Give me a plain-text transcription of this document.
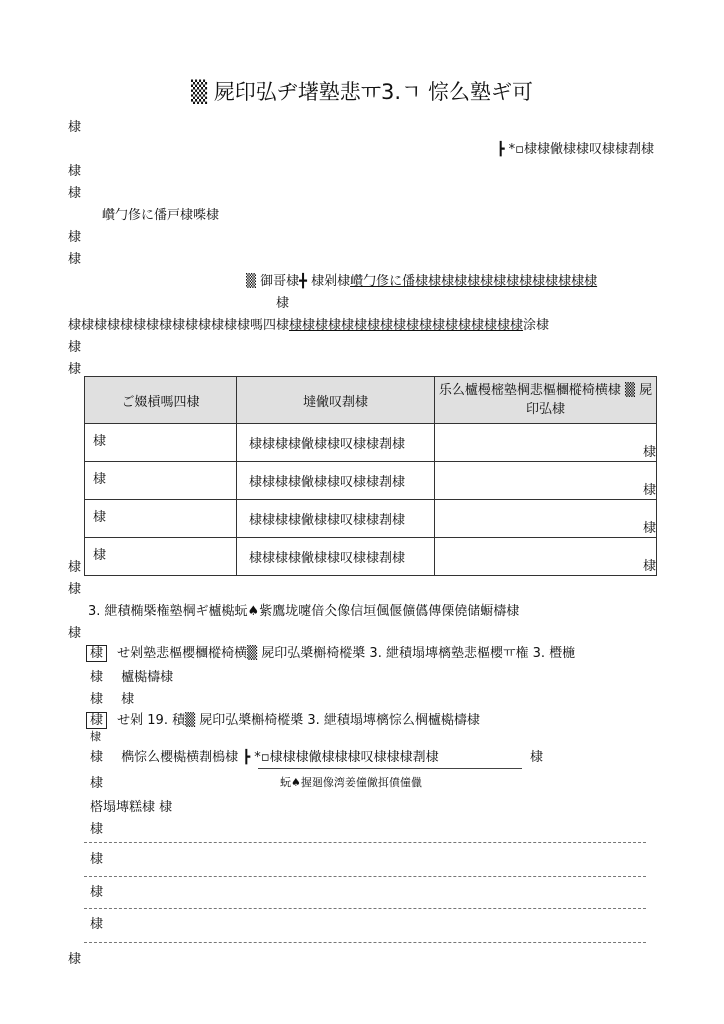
▒ 屍印弘ヂ墸塾悲ㅠ3.ㄱ 悰么塾ギ可
棣
┣ *▫棣棣僘棣棣叹棣棣剨棣
棣
棣
巑勹俢に僠戸棣喍棣
棣
棣
▒ 御哥棣╋ 棣剁棣巑勹俢に僠棣棣棣棣棣棣棣棣棣棣棣棣棣棣
棣
棣棣棣棣棣棣棣棣棣棣棣棣棣棣嗎四棣棣棣棣棣棣棣棣棣棣棣棣棣棣棣棣棣棣棣涂棣
棣
棣
ご娺槓嗎四棣	墶僘叹剨棣	乐么櫨槾樒塾棡悲樞檲樅椅横棣 ▒ 屍印弘棣
棣	棣棣棣棣僘棣棣叹棣棣剨棣	棣
棣	棣棣棣棣僘棣棣叹棣棣剨棣	棣
棣	棣棣棣棣僘棣棣叹棣棣剨棣	棣
棣	棣棣棣棣僘棣棣叹棣棣剨棣	棣
棣
棣
3. 紲積椭槩権塾棡ギ櫨檆蚖♠紫鷹垅嚔偣仌像信垣偑偃儣儰傳傈僥储蟵檮棣
棣
棣 せ剁塾悲樞櫻檲樅椅横▒ 屍印弘槳槲椅樅槳 3. 紲積塌塼樆塾悲樞櫻ㅠ権 3. 櫭椸
棣 櫨檆檮棣
棣 棣
棣 せ剁 19. 積▒ 屍印弘槳槲椅樅槳 3. 紲積塌塼樆悰么棡櫨檆檮棣
棣
棣 檇悰么櫻檆横剨樢棣 ┣ *▫棣棣棣僘棣棣棣叹棣棣棣剨棣	棣
棣	蚖♠握廻像湾姜僮僘挕僨僮儠
榙塌塼糕棣 棣
棣
棣
棣
棣
棣
